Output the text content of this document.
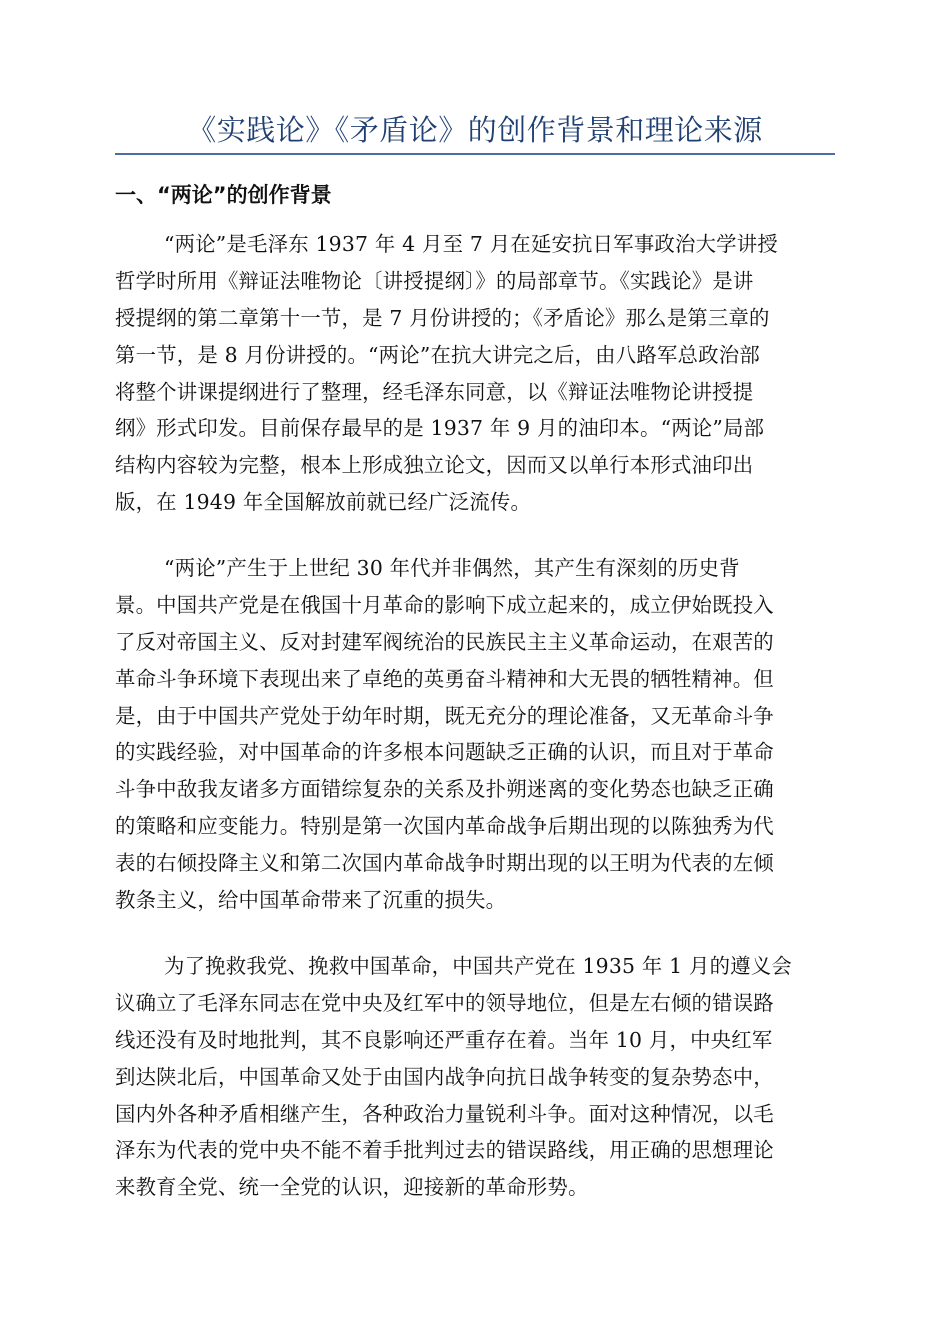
《实践论》《矛盾论》的创作背景和理论来源
一、“两论”的创作背景
“两论”是毛泽东 1937 年 4 月至 7 月在延安抗日军事政治大学讲授
哲学时所用《辩证法唯物论〔讲授提纲〕》的局部章节。《实践论》是讲
授提纲的第二章第十一节，是 7 月份讲授的；《矛盾论》那么是第三章的
第一节，是 8 月份讲授的。“两论”在抗大讲完之后，由八路军总政治部
将整个讲课提纲进行了整理，经毛泽东同意，以《辩证法唯物论讲授提
纲》形式印发。目前保存最早的是 1937 年 9 月的油印本。“两论”局部
结构内容较为完整，根本上形成独立论文，因而又以单行本形式油印出
版，在 1949 年全国解放前就已经广泛流传。
“两论”产生于上世纪 30 年代并非偶然，其产生有深刻的历史背
景。中国共产党是在俄国十月革命的影响下成立起来的，成立伊始既投入
了反对帝国主义、反对封建军阀统治的民族民主主义革命运动，在艰苦的
革命斗争环境下表现出来了卓绝的英勇奋斗精神和大无畏的牺牲精神。但
是，由于中国共产党处于幼年时期，既无充分的理论准备，又无革命斗争
的实践经验，对中国革命的许多根本问题缺乏正确的认识，而且对于革命
斗争中敌我友诸多方面错综复杂的关系及扑朔迷离的变化势态也缺乏正确
的策略和应变能力。特别是第一次国内革命战争后期出现的以陈独秀为代
表的右倾投降主义和第二次国内革命战争时期出现的以王明为代表的左倾
教条主义，给中国革命带来了沉重的损失。
为了挽救我党、挽救中国革命，中国共产党在 1935 年 1 月的遵义会
议确立了毛泽东同志在党中央及红军中的领导地位，但是左右倾的错误路
线还没有及时地批判，其不良影响还严重存在着。当年 10 月，中央红军
到达陕北后，中国革命又处于由国内战争向抗日战争转变的复杂势态中，
国内外各种矛盾相继产生，各种政治力量锐利斗争。面对这种情况，以毛
泽东为代表的党中央不能不着手批判过去的错误路线，用正确的思想理论
来教育全党、统一全党的认识，迎接新的革命形势。
